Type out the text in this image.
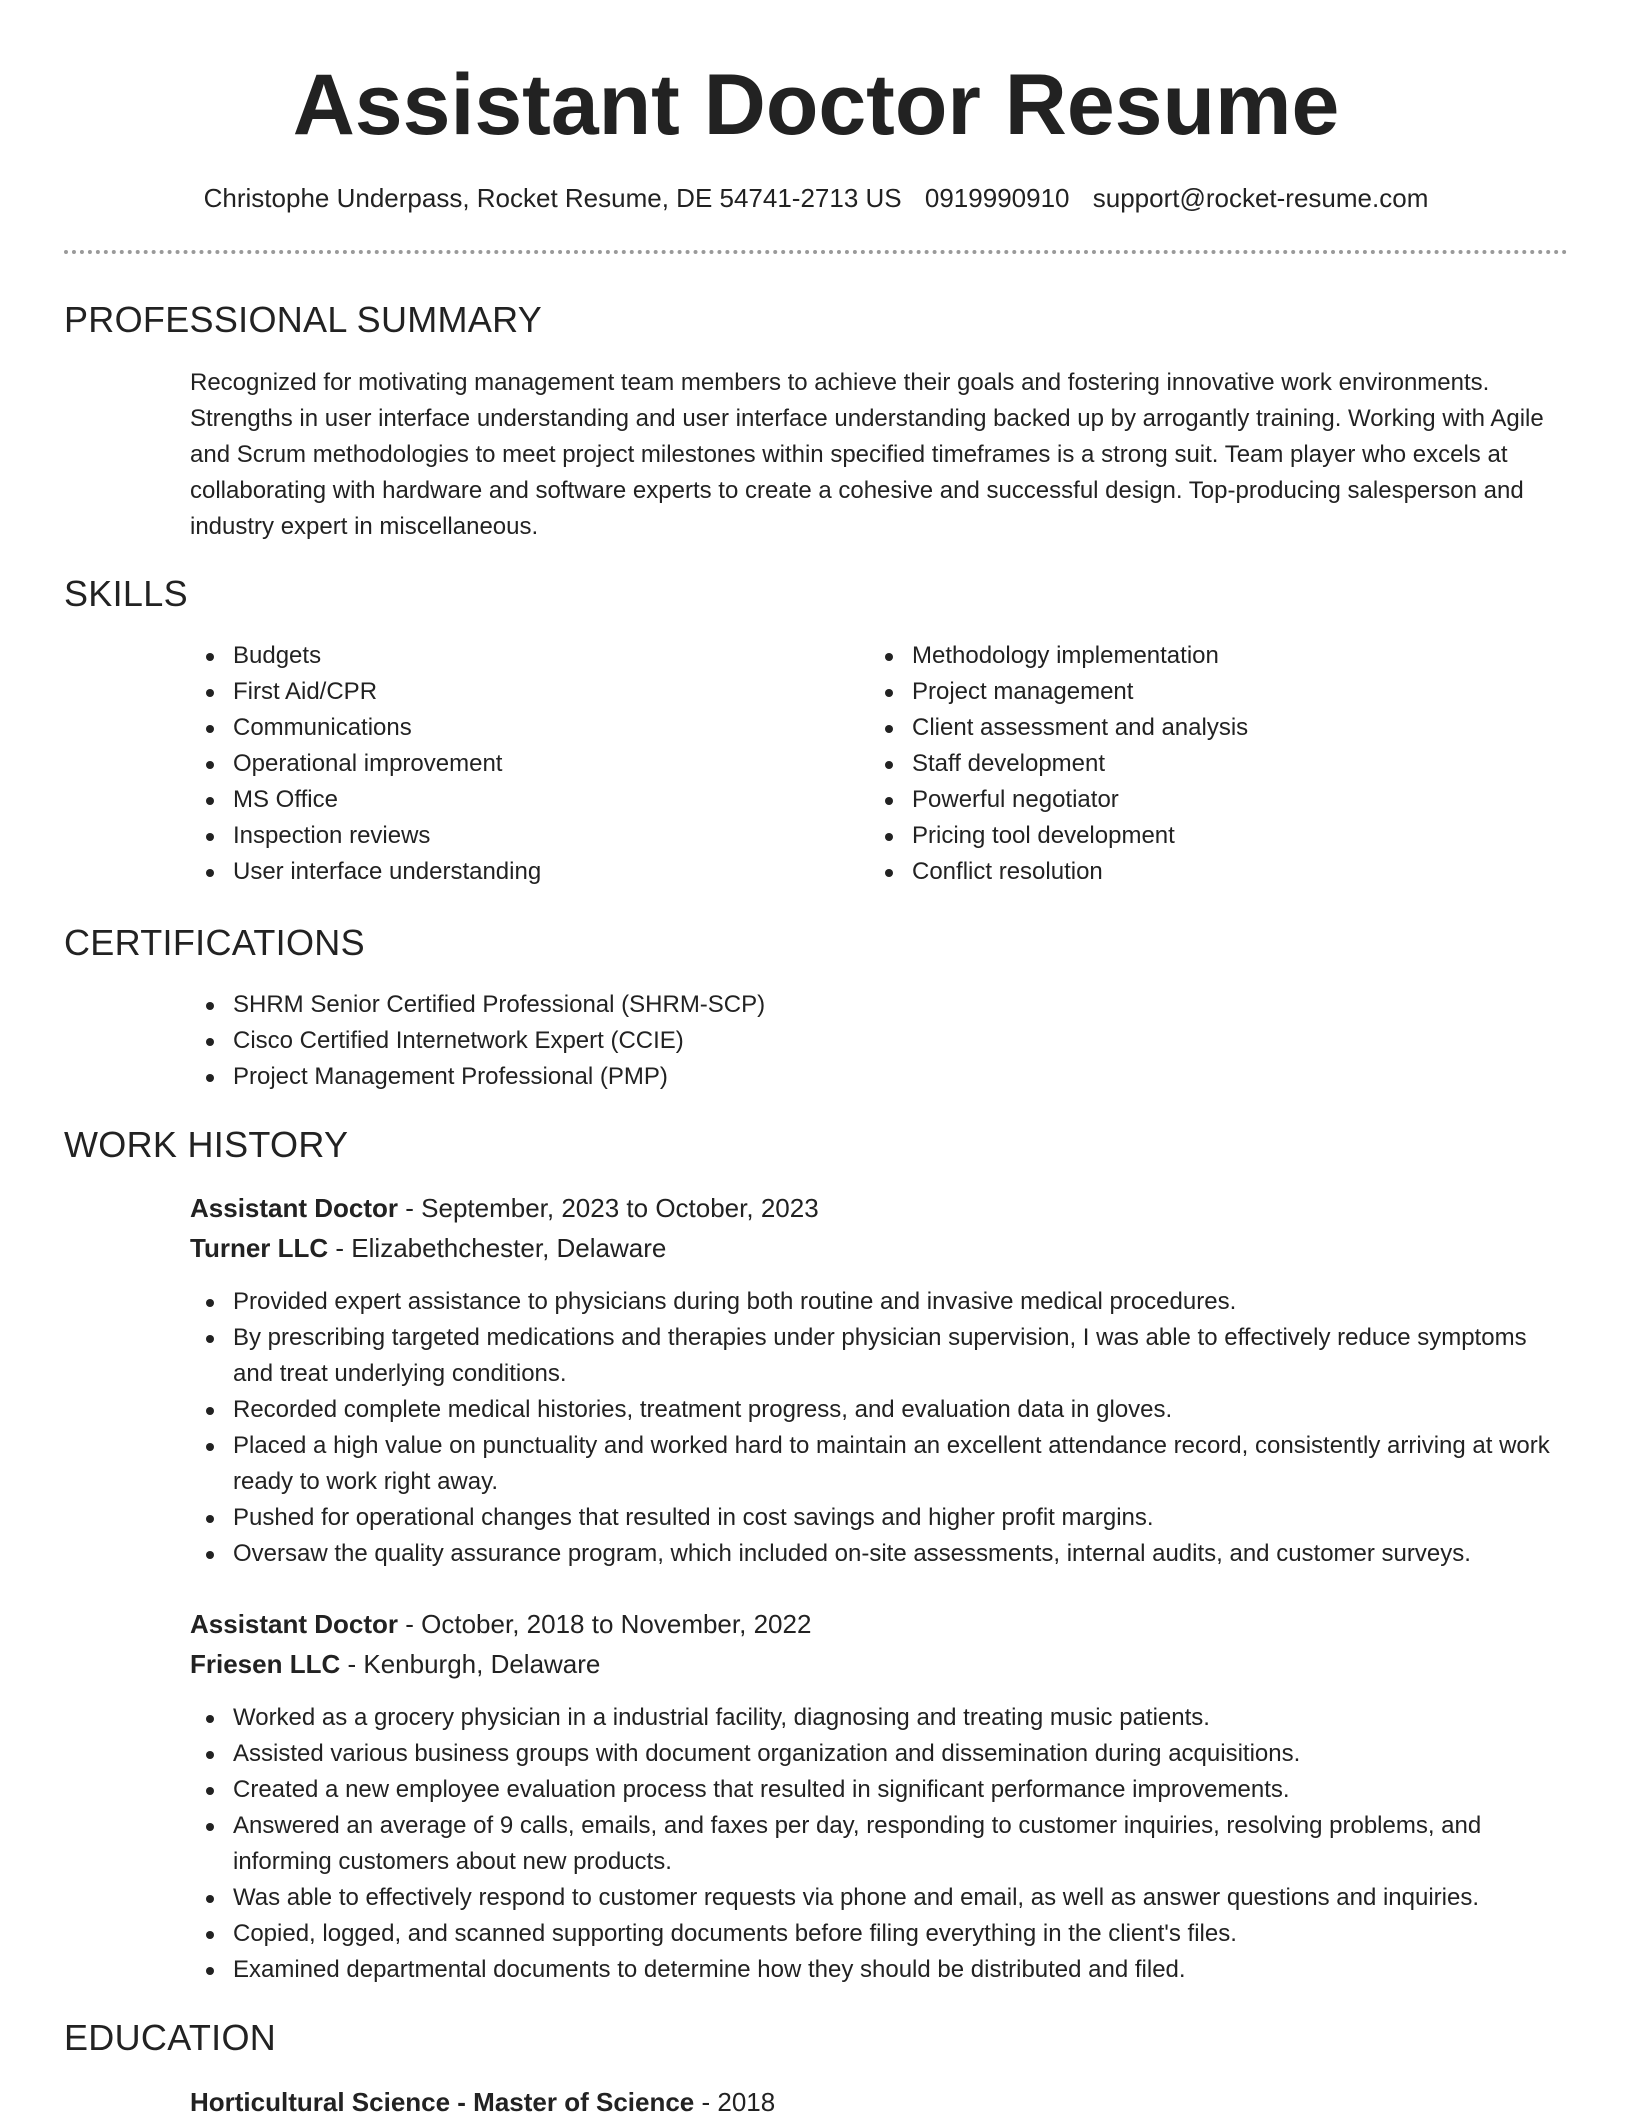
Assistant Doctor Resume
Christophe Underpass, Rocket Resume, DE 54741-2713 US 0919990910 support@rocket-resume.com
PROFESSIONAL SUMMARY

Recognized for motivating management team members to achieve their goals and fostering innovative work environments. Strengths in user interface understanding and user interface understanding backed up by arrogantly training. Working with Agile and Scrum methodologies to meet project milestones within specified timeframes is a strong suit. Team player who excels at collaborating with hardware and software experts to create a cohesive and successful design. Top-producing salesperson and industry expert in miscellaneous.

SKILLS
Budgets
First Aid/CPR
Communications
Operational improvement
MS Office
Inspection reviews
User interface understanding
Methodology implementation
Project management
Client assessment and analysis
Staff development
Powerful negotiator
Pricing tool development
Conflict resolution
CERTIFICATIONS
SHRM Senior Certified Professional (SHRM-SCP)
Cisco Certified Internetwork Expert (CCIE)
Project Management Professional (PMP)
WORK HISTORY
Assistant Doctor - September, 2023 to October, 2023
Turner LLC - Elizabethchester, Delaware
Provided expert assistance to physicians during both routine and invasive medical procedures.
By prescribing targeted medications and therapies under physician supervision, I was able to effectively reduce symptoms and treat underlying conditions.
Recorded complete medical histories, treatment progress, and evaluation data in gloves.
Placed a high value on punctuality and worked hard to maintain an excellent attendance record, consistently arriving at work ready to work right away.
Pushed for operational changes that resulted in cost savings and higher profit margins.
Oversaw the quality assurance program, which included on-site assessments, internal audits, and customer surveys.
Assistant Doctor - October, 2018 to November, 2022
Friesen LLC - Kenburgh, Delaware
Worked as a grocery physician in a industrial facility, diagnosing and treating music patients.
Assisted various business groups with document organization and dissemination during acquisitions.
Created a new employee evaluation process that resulted in significant performance improvements.
Answered an average of 9 calls, emails, and faxes per day, responding to customer inquiries, resolving problems, and informing customers about new products.
Was able to effectively respond to customer requests via phone and email, as well as answer questions and inquiries.
Copied, logged, and scanned supporting documents before filing everything in the client's files.
Examined departmental documents to determine how they should be distributed and filed.
EDUCATION
Horticultural Science - Master of Science - 2018
